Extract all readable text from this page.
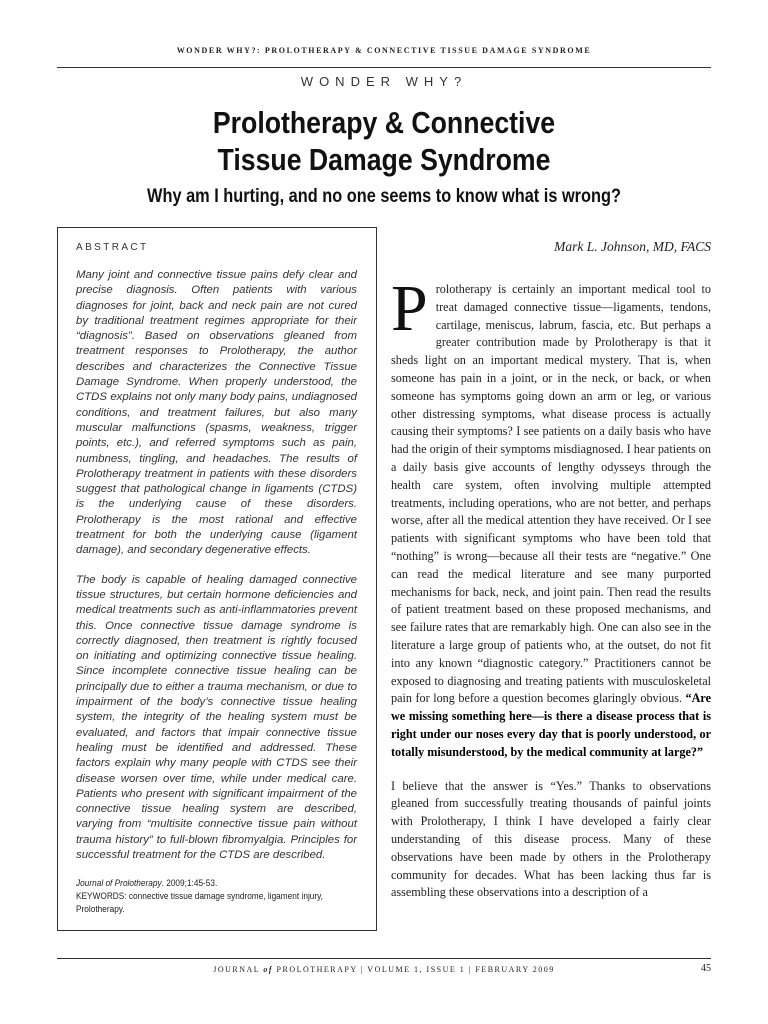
WONDER WHY?: PROLOTHERAPY & CONNECTIVE TISSUE DAMAGE SYNDROME
WONDER WHY?
Prolotherapy & Connective
Tissue Damage Syndrome
Why am I hurting, and no one seems to know what is wrong?
ABSTRACT

Many joint and connective tissue pains defy clear and precise diagnosis. Often patients with various diagnoses for joint, back and neck pain are not cured by traditional treatment regimes appropriate for their “diagnosis”. Based on observations gleaned from treatment responses to Prolotherapy, the author describes and characterizes the Connective Tissue Damage Syndrome. When properly understood, the CTDS explains not only many body pains, undiagnosed conditions, and treatment failures, but also many muscular malfunctions (spasms, weakness, trigger points, etc.), and referred symptoms such as pain, numbness, tingling, and headaches. The results of Prolotherapy treatment in patients with these disorders suggest that pathological change in ligaments (CTDS) is the underlying cause of these disorders. Prolotherapy is the most rational and effective treatment for both the underlying cause (ligament damage), and secondary degenerative effects.

The body is capable of healing damaged connective tissue structures, but certain hormone deficiencies and medical treatments such as anti-inflammatories prevent this. Once connective tissue damage syndrome is correctly diagnosed, then treatment is rightly focused on initiating and optimizing connective tissue healing. Since incomplete connective tissue healing can be principally due to either a trauma mechanism, or due to impairment of the body’s connective tissue healing system, the integrity of the healing system must be evaluated, and factors that impair connective tissue healing must be identified and addressed. These factors explain why many people with CTDS see their disease worsen over time, while under medical care. Patients who present with significant impairment of the connective tissue healing system are described, varying from “multisite connective tissue pain without trauma history” to full-blown fibromyalgia. Principles for successful treatment for the CTDS are described.

Journal of Prolotherapy. 2009;1:45-53.
KEYWORDS: connective tissue damage syndrome, ligament injury, Prolotherapy.
Mark L. Johnson, MD, FACS

Prolotherapy is certainly an important medical tool to treat damaged connective tissue—ligaments, tendons, cartilage, meniscus, labrum, fascia, etc. But perhaps a greater contribution made by Prolotherapy is that it sheds light on an important medical mystery. That is, when someone has pain in a joint, or in the neck, or back, or when someone has symptoms going down an arm or leg, or various other distressing symptoms, what disease process is actually causing their symptoms? I see patients on a daily basis who have had the origin of their symptoms misdiagnosed. I hear patients on a daily basis give accounts of lengthy odysseys through the health care system, often involving multiple attempted treatments, including operations, who are not better, and perhaps worse, after all the medical attention they have received. Or I see patients with significant symptoms who have been told that “nothing” is wrong—because all their tests are “negative.” One can read the medical literature and see many purported mechanisms for back, neck, and joint pain. Then read the results of patient treatment based on these proposed mechanisms, and see failure rates that are remarkably high. One can also see in the literature a large group of patients who, at the outset, do not fit into any known “diagnostic category.” Practitioners cannot be exposed to diagnosing and treating patients with musculoskeletal pain for long before a question becomes glaringly obvious. “Are we missing something here—is there a disease process that is right under our noses every day that is poorly understood, or totally misunderstood, by the medical community at large?”

I believe that the answer is “Yes.” Thanks to observations gleaned from successfully treating thousands of painful joints with Prolotherapy, I think I have developed a fairly clear understanding of this disease process. Many of these observations have been made by others in the Prolotherapy community for decades. What has been lacking thus far is assembling these observations into a description of a

JOURNAL of PROLOTHERAPY | VOLUME 1, ISSUE 1 | FEBRUARY 2009	45
